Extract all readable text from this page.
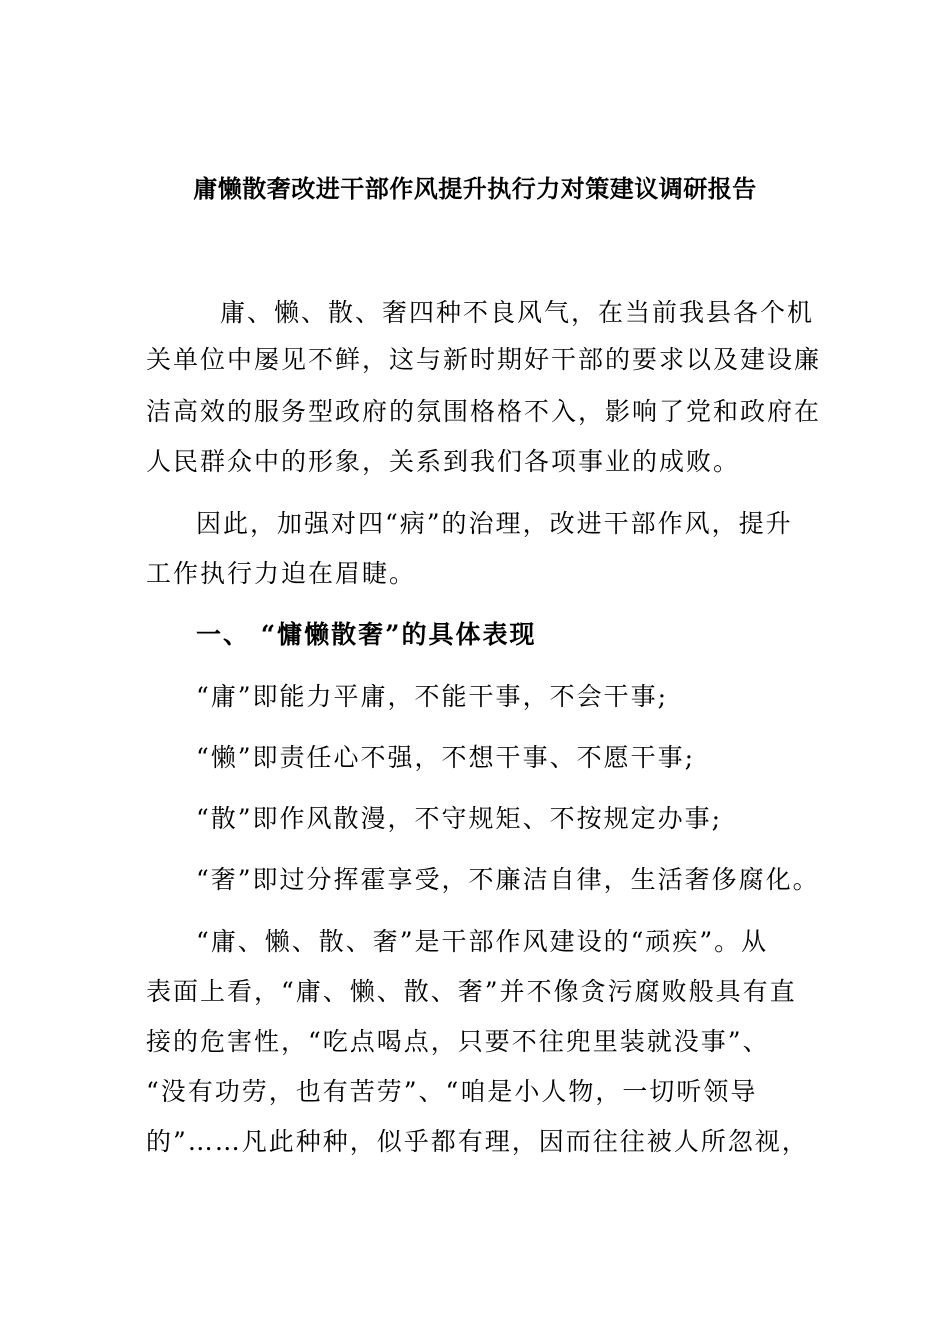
庸懒散奢改进干部作风提升执行力对策建议调研报告

庸、懒、散、奢四种不良风气，在当前我县各个机

关单位中屡见不鲜，这与新时期好干部的要求以及建设廉

洁高效的服务型政府的氛围格格不入，影响了党和政府在

人民群众中的形象，关系到我们各项事业的成败。

因此，加强对四“病”的治理，改进干部作风，提升

工作执行力迫在眉睫。

一、 “慵懒散奢”的具体表现

“庸”即能力平庸，不能干事，不会干事;

“懒”即责任心不强，不想干事、不愿干事;

“散”即作风散漫，不守规矩、不按规定办事;

“奢”即过分挥霍享受，不廉洁自律，生活奢侈腐化。

“庸、懒、散、奢”是干部作风建设的“顽疾”。从

表面上看，“庸、懒、散、奢”并不像贪污腐败般具有直

接的危害性，“吃点喝点，只要不往兜里装就没事”、

“没有功劳，也有苦劳”、“咱是小人物，一切听领导

的”……凡此种种，似乎都有理，因而往往被人所忽视，
